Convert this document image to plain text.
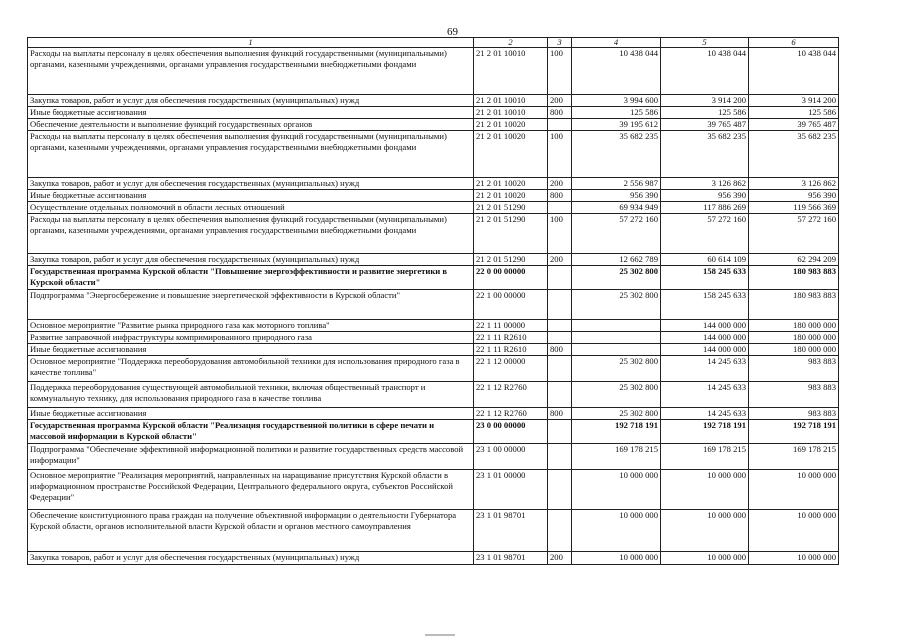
69
1	2	3	4	5	6
Расходы на выплаты персоналу в целях обеспечения выполнения функций государственными (муниципальными) органами, казенными учреждениями, органами управления государственными внебюджетными фондами	21 2 01 10010	100	10 438 044	10 438 044	10 438 044
Закупка товаров, работ и услуг для обеспечения государственных (муниципальных) нужд	21 2 01 10010	200	3 994 600	3 914 200	3 914 200
Иные бюджетные ассигнования	21 2 01 10010	800	125 586	125 586	125 586
Обеспечение деятельности и выполнение функций государственных органов	21 2 01 10020		39 195 612	39 765 487	39 765 487
Расходы на выплаты персоналу в целях обеспечения выполнения функций государственными (муниципальными) органами, казенными учреждениями, органами управления государственными внебюджетными фондами	21 2 01 10020	100	35 682 235	35 682 235	35 682 235
Закупка товаров, работ и услуг для обеспечения государственных (муниципальных) нужд	21 2 01 10020	200	2 556 987	3 126 862	3 126 862
Иные бюджетные ассигнования	21 2 01 10020	800	956 390	956 390	956 390
Осуществление отдельных полномочий в области лесных отношений	21 2 01 51290		69 934 949	117 886 269	119 566 369
Расходы на выплаты персоналу в целях обеспечения выполнения функций государственными (муниципальными) органами, казенными учреждениями, органами управления государственными внебюджетными фондами	21 2 01 51290	100	57 272 160	57 272 160	57 272 160
Закупка товаров, работ и услуг для обеспечения государственных (муниципальных) нужд	21 2 01 51290	200	12 662 789	60 614 109	62 294 209
Государственная программа Курской области "Повышение энергоэффективности и развитие энергетики в Курской области"	22 0 00 00000		25 302 800	158 245 633	180 983 883
Подпрограмма "Энергосбережение и повышение энергетической эффективности в Курской области"	22 1 00 00000		25 302 800	158 245 633	180 983 883
Основное мероприятие "Развитие рынка природного газа как моторного топлива"	22 1 11 00000			144 000 000	180 000 000
Развитие заправочной инфраструктуры компримированного природного газа	22 1 11 R2610			144 000 000	180 000 000
Иные бюджетные ассигнования	22 1 11 R2610	800		144 000 000	180 000 000
Основное мероприятие "Поддержка переоборудования автомобильной техники для использования природного газа в качестве топлива"	22 1 12 00000		25 302 800	14 245 633	983 883
Поддержка переоборудования существующей автомобильной техники, включая общественный транспорт и коммунальную технику, для использования природного газа в качестве топлива	22 1 12 R2760		25 302 800	14 245 633	983 883
Иные бюджетные ассигнования	22 1 12 R2760	800	25 302 800	14 245 633	983 883
Государственная программа Курской области "Реализация государственной политики в сфере печати и массовой информации в Курской области"	23 0 00 00000		192 718 191	192 718 191	192 718 191
Подпрограмма "Обеспечение эффективной информационной политики и развитие государственных средств массовой информации"	23 1 00 00000		169 178 215	169 178 215	169 178 215
Основное мероприятие "Реализация мероприятий, направленных на наращивание присутствия Курской области в информационном пространстве Российской Федерации, Центрального федерального округа, субъектов Российской Федерации"	23 1 01 00000		10 000 000	10 000 000	10 000 000
Обеспечение конституционного права граждан на получение объективной информации о деятельности Губернатора Курской области, органов исполнительной власти Курской области и органов местного самоуправления	23 1 01 98701		10 000 000	10 000 000	10 000 000
Закупка товаров, работ и услуг для обеспечения государственных (муниципальных) нужд	23 1 01 98701	200	10 000 000	10 000 000	10 000 000
